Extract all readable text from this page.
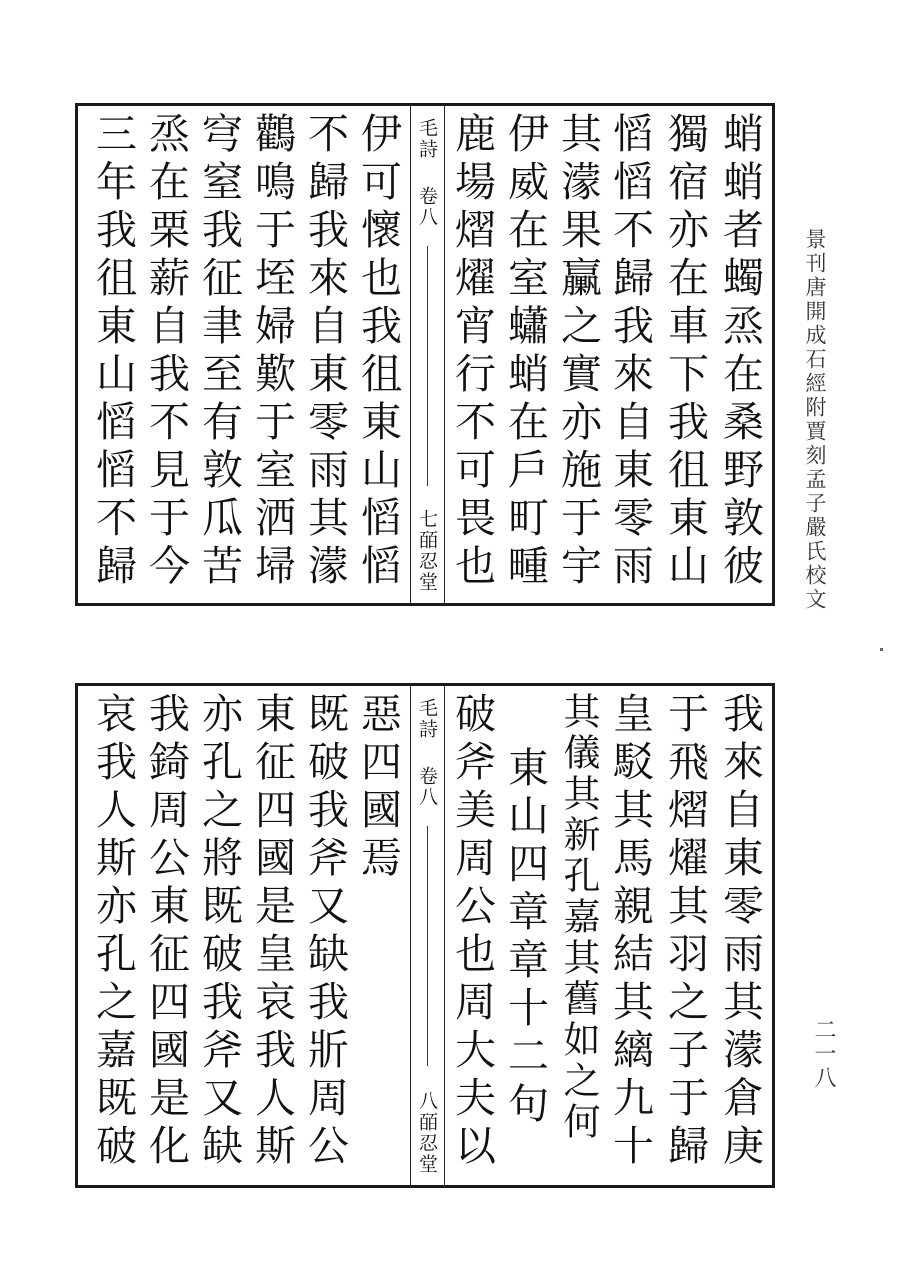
景刊唐開成石經附賈刻孟子嚴氏校文
二一八
蛸蛸者蠋烝在桑野敦彼
獨宿亦在車下我徂東山
慆慆不歸我來自東零雨
其濛果臝之實亦施于宇
伊威在室蠨蛸在戶町畽
鹿場熠燿宵行不可畏也
毛詩卷八
七皕忍堂
伊可懷也我徂東山慆慆
不歸我來自東零雨其濛
鸛鳴于垤婦歎于室洒埽
穹窒我征聿至有敦瓜苦
烝在栗薪自我不見于今
三年我徂東山慆慆不歸
我來自東零雨其濛倉庚
于飛熠燿其羽之子于歸
皇駁其馬親結其縭九十
其儀其新孔嘉其舊如之何
東山四章章十二句
破斧美周公也周大夫以
毛詩卷八
八皕忍堂
惡四國焉
既破我斧又缺我斨周公
東征四國是皇哀我人斯
亦孔之將既破我斧又缺
我錡周公東征四國是化
哀我人斯亦孔之嘉既破
